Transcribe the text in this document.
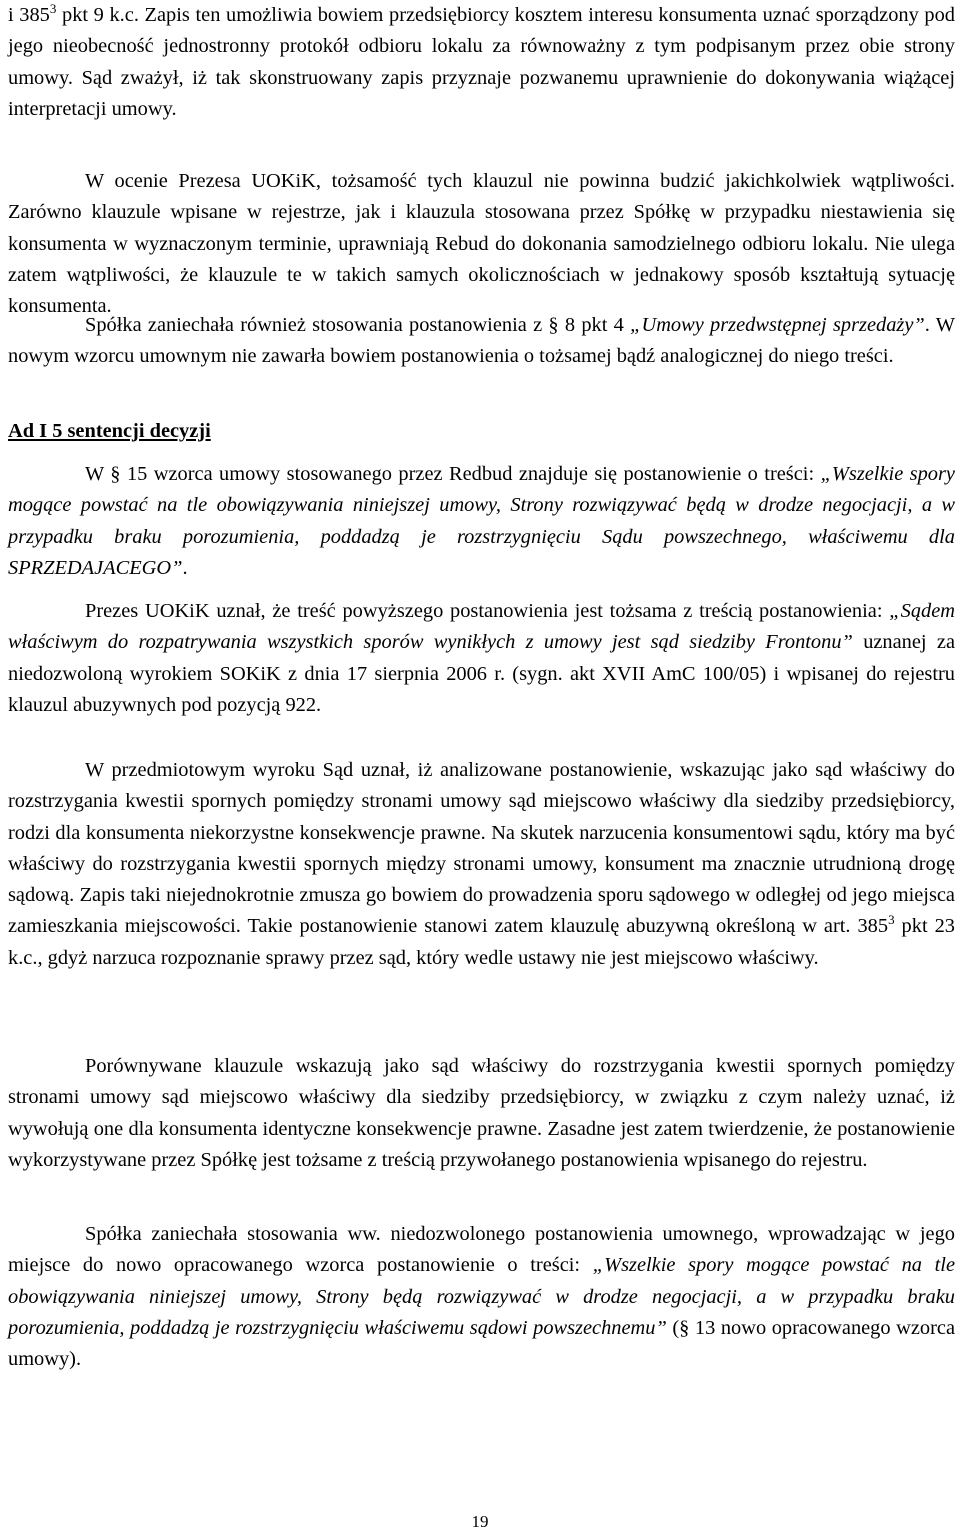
i $385^3$ pkt 9 k.c. Zapis ten umożliwia bowiem przedsiębiorcy kosztem interesu konsumenta uznać sporządzony pod jego nieobecność jednostronny protokół odbioru lokalu za równoważny z tym podpisanym przez obie strony umowy. Sąd zważył, iż tak skonstruowany zapis przyznaje pozwanemu uprawnienie do dokonywania wiążącej interpretacji umowy.

W ocenie Prezesa UOKiK, tożsamość tych klauzul nie powinna budzić jakichkolwiek wątpliwości. Zarówno klauzule wpisane w rejestrze, jak i klauzula stosowana przez Spółkę w przypadku niestawienia się konsumenta w wyznaczonym terminie, uprawniają Rebud do dokonania samodzielnego odbioru lokalu. Nie ulega zatem wątpliwości, że klauzule te w takich samych okolicznościach w jednakowy sposób kształtują sytuację konsumenta.

Spółka zaniechała również stosowania postanowienia z § 8 pkt 4 „Umowy przedwstępnej sprzedaży”. W nowym wzorcu umownym nie zawarła bowiem postanowienia o tożsamej bądź analogicznej do niego treści.

Ad I 5 sentencji decyzji

W § 15 wzorca umowy stosowanego przez Redbud znajduje się postanowienie o treści: „Wszelkie spory mogące powstać na tle obowiązywania niniejszej umowy, Strony rozwiązywać będą w drodze negocjacji, a w przypadku braku porozumienia, poddadzą je rozstrzygnięciu Sądu powszechnego, właściwemu dla SPRZEDAJACEGO”.

Prezes UOKiK uznał, że treść powyższego postanowienia jest tożsama z treścią postanowienia: „Sądem właściwym do rozpatrywania wszystkich sporów wynikłych z umowy jest sąd siedziby Frontonu” uznanej za niedozwoloną wyrokiem SOKiK z dnia 17 sierpnia 2006 r. (sygn. akt XVII AmC 100/05) i wpisanej do rejestru klauzul abuzywnych pod pozycją 922.

W przedmiotowym wyroku Sąd uznał, iż analizowane postanowienie, wskazując jako sąd właściwy do rozstrzygania kwestii spornych pomiędzy stronami umowy sąd miejscowo właściwy dla siedziby przedsiębiorcy, rodzi dla konsumenta niekorzystne konsekwencje prawne. Na skutek narzucenia konsumentowi sądu, który ma być właściwy do rozstrzygania kwestii spornych między stronami umowy, konsument ma znacznie utrudnioną drogę sądową. Zapis taki niejednokrotnie zmusza go bowiem do prowadzenia sporu sądowego w odległej od jego miejsca zamieszkania miejscowości. Takie postanowienie stanowi zatem klauzulę abuzywną określoną w art. $385^3$ pkt 23 k.c., gdyż narzuca rozpoznanie sprawy przez sąd, który wedle ustawy nie jest miejscowo właściwy.

Porównywane klauzule wskazują jako sąd właściwy do rozstrzygania kwestii spornych pomiędzy stronami umowy sąd miejscowo właściwy dla siedziby przedsiębiorcy, w związku z czym należy uznać, iż wywołują one dla konsumenta identyczne konsekwencje prawne. Zasadne jest zatem twierdzenie, że postanowienie wykorzystywane przez Spółkę jest tożsame z treścią przywołanego postanowienia wpisanego do rejestru.

Spółka zaniechała stosowania ww. niedozwolonego postanowienia umownego, wprowadzając w jego miejsce do nowo opracowanego wzorca postanowienie o treści: „Wszelkie spory mogące powstać na tle obowiązywania niniejszej umowy, Strony będą rozwiązywać w drodze negocjacji, a w przypadku braku porozumienia, poddadzą je rozstrzygnięciu właściwemu sądowi powszechnemu” (§ 13 nowo opracowanego wzorca umowy).

19
